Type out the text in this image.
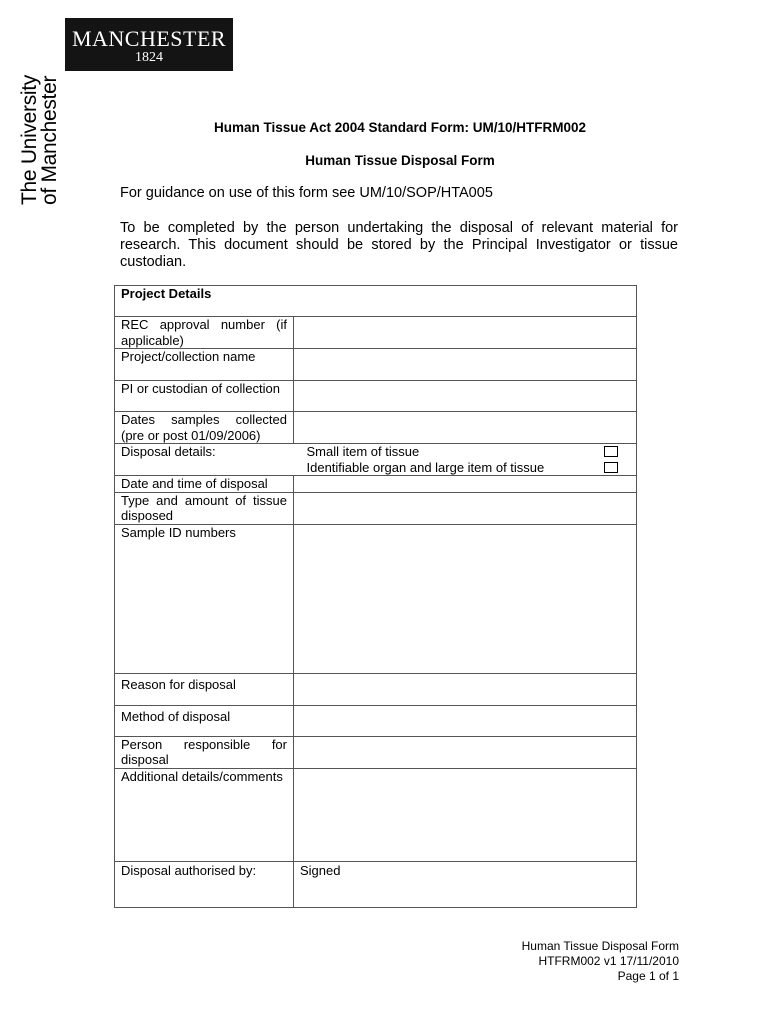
MANCHESTER
1824
The University
of Manchester	Human Tissue Act 2004 Standard Form: UM/10/HTFRM002
Human Tissue Disposal Form
For guidance on use of this form see UM/10/SOP/HTA005
To be completed by the person undertaking the disposal of relevant material for research. This document should be stored by the Principal Investigator or tissue custodian.
Project Details	
REC approval number (if applicable)	
Project/collection name	
PI or custodian of collection	
Dates samples collected (pre or post 01/09/2006)	
Disposal details:	Small item of tissue
Identifiable organ and large item of tissue

Date and time of disposal	
Type and amount of tissue disposed	
Sample ID numbers	
Reason for disposal	
Method of disposal	
Person responsible for disposal	
Additional details/comments	
Disposal authorised by:	Signed
Human Tissue Disposal Form
HTFRM002 v1 17/11/2010
Page 1 of 1
